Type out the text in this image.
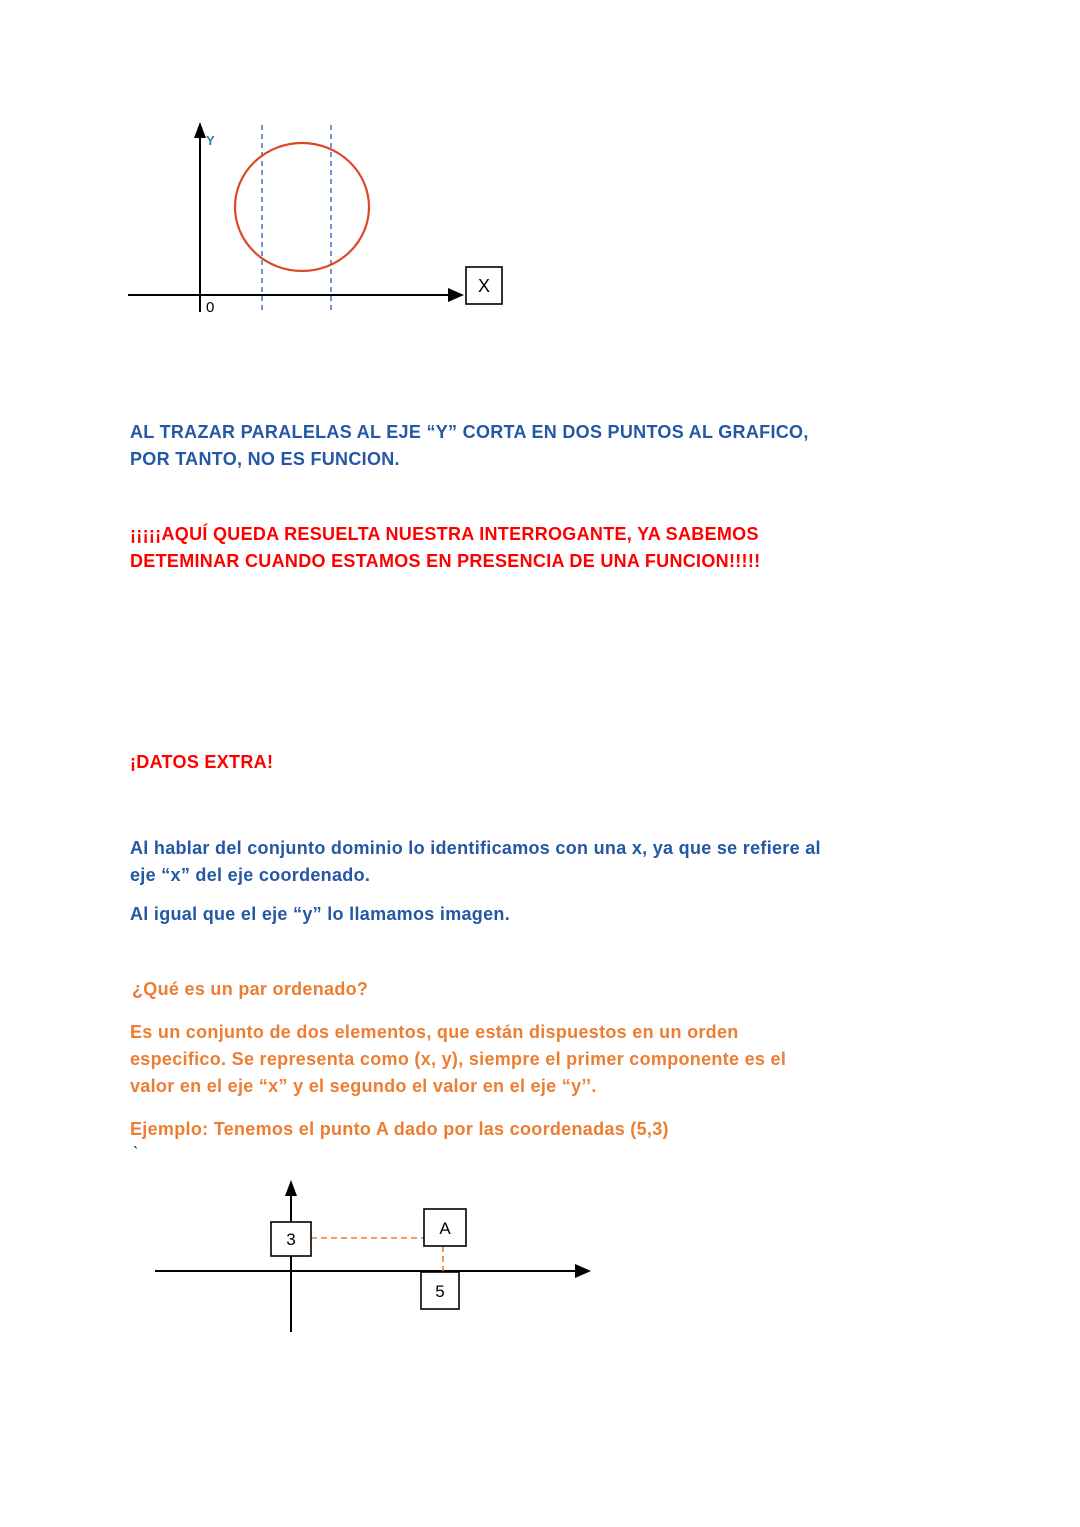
Y
0
X
AL TRAZAR PARALELAS AL EJE “Y” CORTA EN DOS PUNTOS AL GRAFICO,
POR TANTO, NO ES FUNCION.
¡¡¡¡¡AQUÍ QUEDA RESUELTA NUESTRA INTERROGANTE, YA SABEMOS
DETEMINAR CUANDO ESTAMOS EN PRESENCIA DE UNA FUNCION!!!!!
¡DATOS EXTRA!
Al hablar del conjunto dominio lo identificamos con una x, ya que se refiere al
eje “x” del eje coordenado.
Al igual que el eje “y” lo llamamos imagen.
¿Qué es un par ordenado?
Es un conjunto de dos elementos, que están dispuestos en un orden
especifico. Se representa como (x, y), siempre el primer componente es el
valor en el eje “x” y el segundo el valor en el eje “y’’.
Ejemplo: Tenemos el punto A dado por las coordenadas (5,3)
`
3
A
5
